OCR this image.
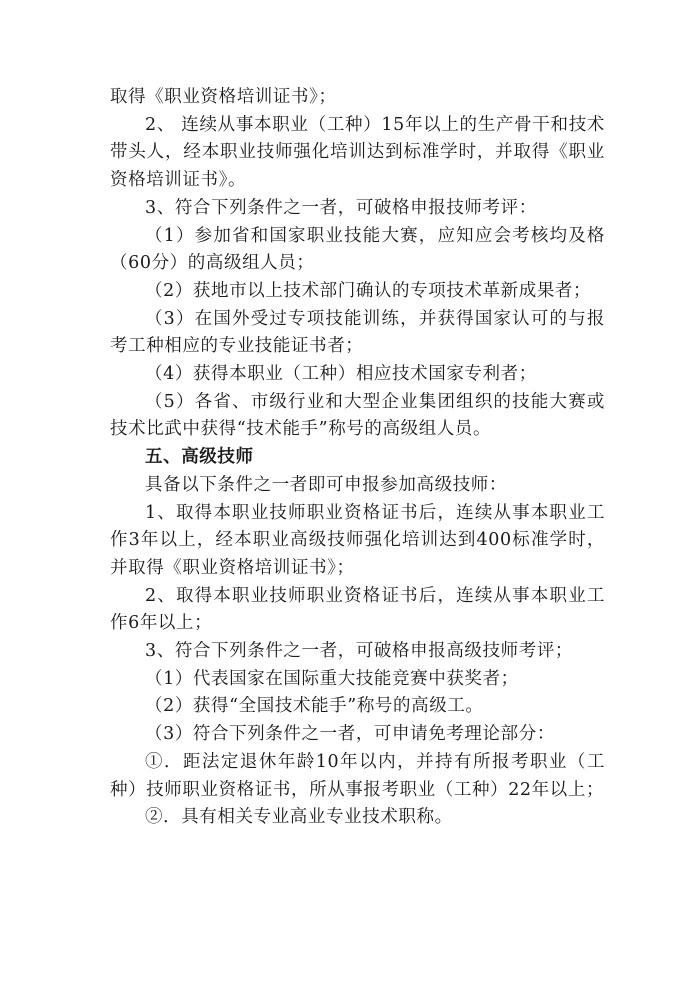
取得《职业资格培训证书》；

2、 连续从事本职业（工种）15年以上的生产骨干和技术带头人，经本职业技师强化培训达到标准学时，并取得《职业资格培训证书》。

3、符合下列条件之一者，可破格申报技师考评：

（1）参加省和国家职业技能大赛，应知应会考核均及格（60分）的高级组人员；

（2）获地市以上技术部门确认的专项技术革新成果者；

（3）在国外受过专项技能训练，并获得国家认可的与报考工种相应的专业技能证书者；

（4）获得本职业（工种）相应技术国家专利者；

（5）各省、市级行业和大型企业集团组织的技能大赛或技术比武中获得“技术能手”称号的高级组人员。

五、高级技师

具备以下条件之一者即可申报参加高级技师：

1、取得本职业技师职业资格证书后，连续从事本职业工作3年以上，经本职业高级技师强化培训达到400标准学时，并取得《职业资格培训证书》；

2、取得本职业技师职业资格证书后，连续从事本职业工作6年以上；

3、符合下列条件之一者，可破格申报高级技师考评；

（1）代表国家在国际重大技能竞赛中获奖者；

（2）获得“全国技术能手”称号的高级工。

（3）符合下列条件之一者，可申请免考理论部分：

①．距法定退休年龄10年以内，并持有所报考职业（工种）技师职业资格证书，所从事报考职业（工种）22年以上；

②．具有相关专业高业专业技术职称。
